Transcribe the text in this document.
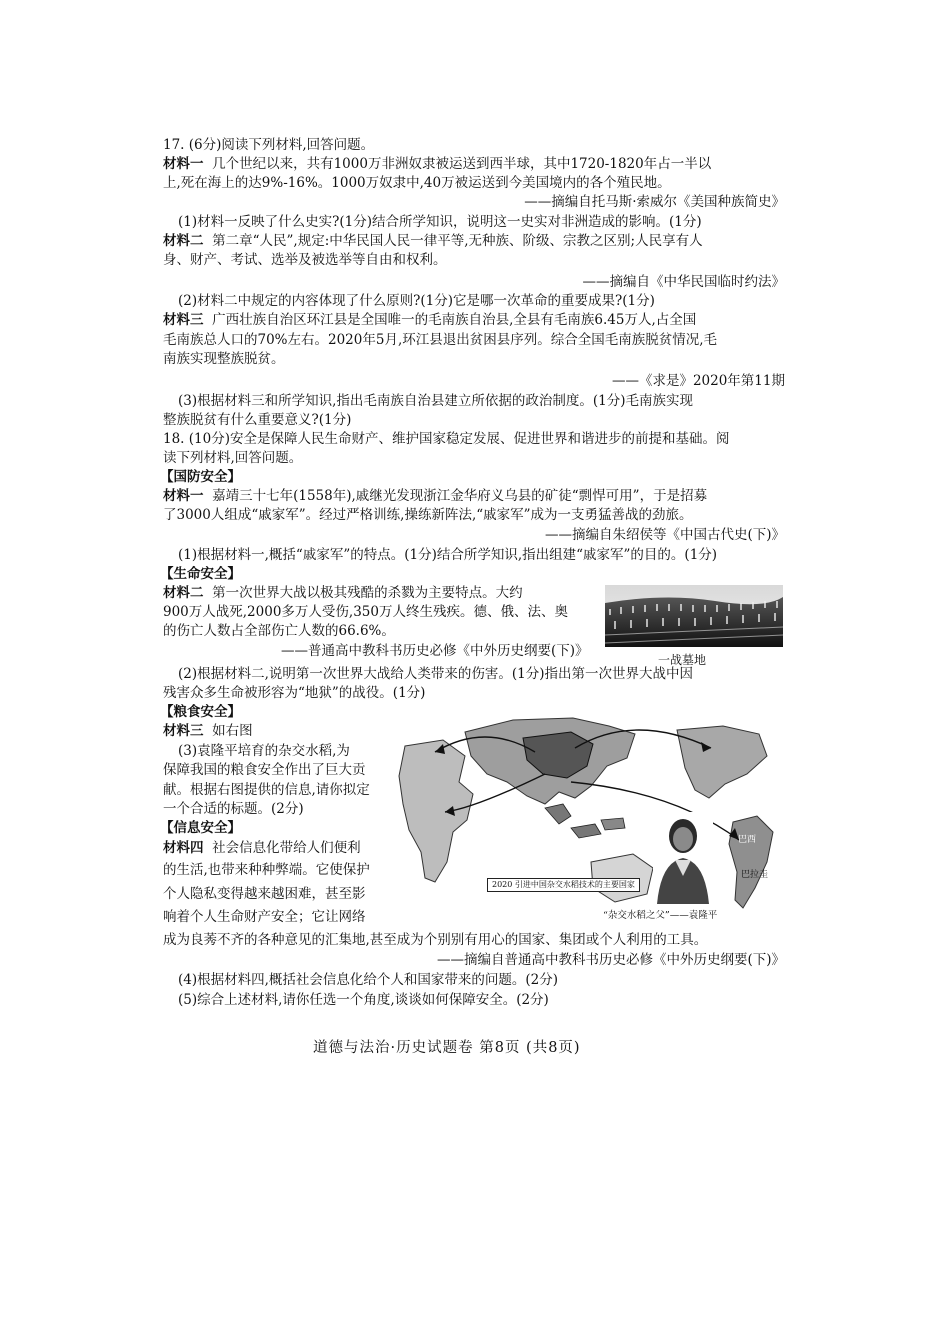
17. (6分)阅读下列材料,回答问题。
材料一 几个世纪以来，共有1000万非洲奴隶被运送到西半球，其中1720-1820年占一半以
上,死在海上的达9%-16%。1000万奴隶中,40万被运送到今美国境内的各个殖民地。
——摘编自托马斯·索威尔《美国种族简史》
(1)材料一反映了什么史实?(1分)结合所学知识，说明这一史实对非洲造成的影响。(1分)
材料二 第二章“人民”,规定:中华民国人民一律平等,无种族、阶级、宗教之区别;人民享有人
身、财产、考试、选举及被选举等自由和权利。
——摘编自《中华民国临时约法》
(2)材料二中规定的内容体现了什么原则?(1分)它是哪一次革命的重要成果?(1分)
材料三 广西壮族自治区环江县是全国唯一的毛南族自治县,全县有毛南族6.45万人,占全国
毛南族总人口的70%左右。2020年5月,环江县退出贫困县序列。综合全国毛南族脱贫情况,毛
南族实现整族脱贫。
——《求是》2020年第11期
(3)根据材料三和所学知识,指出毛南族自治县建立所依据的政治制度。(1分)毛南族实现
整族脱贫有什么重要意义?(1分)
18. (10分)安全是保障人民生命财产、维护国家稳定发展、促进世界和谐进步的前提和基础。阅
读下列材料,回答问题。
【国防安全】
材料一 嘉靖三十七年(1558年),戚继光发现浙江金华府义乌县的矿徒“剽悍可用”，于是招募
了3000人组成“戚家军”。经过严格训练,操练新阵法,“戚家军”成为一支勇猛善战的劲旅。
——摘编自朱绍侯等《中国古代史(下)》
(1)根据材料一,概括“戚家军”的特点。(1分)结合所学知识,指出组建“戚家军”的目的。(1分)
【生命安全】
材料二 第一次世界大战以极其残酷的杀戮为主要特点。大约
900万人战死,2000多万人受伤,350万人终生残疾。德、俄、法、奥
的伤亡人数占全部伤亡人数的66.6%。
——普通高中教科书历史必修《中外历史纲要(下)》
一战墓地
(2)根据材料二,说明第一次世界大战给人类带来的伤害。(1分)指出第一次世界大战中因
残害众多生命被形容为“地狱”的战役。(1分)
【粮食安全】
材料三 如右图
(3)袁隆平培育的杂交水稻,为
保障我国的粮食安全作出了巨大贡
献。根据右图提供的信息,请你拟定
一个合适的标题。(2分)
【信息安全】
材料四 社会信息化带给人们便利
的生活,也带来种种弊端。它使保护
个人隐私变得越来越困难，甚至影
响着个人生命财产安全；它让网络
成为良莠不齐的各种意见的汇集地,甚至成为个别别有用心的国家、集团或个人利用的工具。
——摘编自普通高中教科书历史必修《中外历史纲要(下)》
(4)根据材料四,概括社会信息化给个人和国家带来的问题。(2分)
(5)综合上述材料,请你任选一个角度,谈谈如何保障安全。(2分)
2020 引进中国杂交水稻技术的主要国家
巴西
巴拉圭
“杂交水稻之父”——袁隆平
道德与法治·历史试题卷 第8页 (共8页)
